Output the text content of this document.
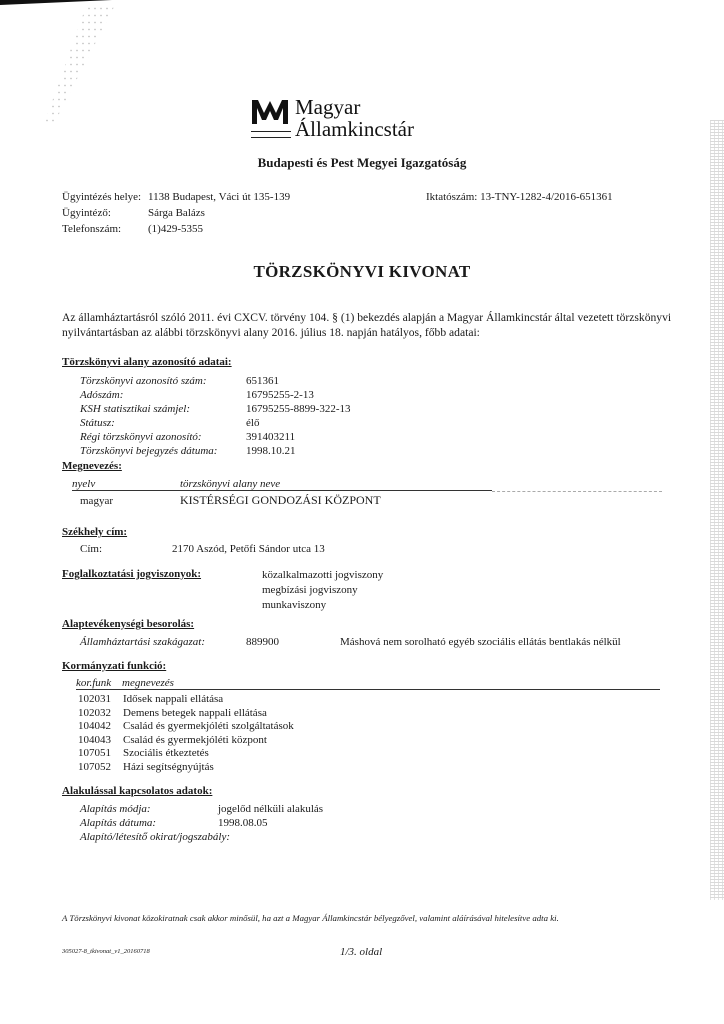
Magyar
Államkincstár
Budapesti és Pest Megyei Igazgatóság
Ügyintézés helye: 1138 Budapest, Váci út 135-139
Ügyintéző:	Sárga Balázs
Telefonszám: (1)429-5355
Iktatószám: 13-TNY-1282-4/2016-651361
TÖRZSKÖNYVI KIVONAT
Az államháztartásról szóló 2011. évi CXCV. törvény 104. § (1) bekezdés alapján a Magyar Államkincstár által vezetett törzskönyvi nyilvántartásban az alábbi törzskönyvi alany 2016. július 18. napján hatályos, főbb adatai:
Törzskönyvi alany azonosító adatai:
Törzskönyvi azonosító szám:	651361
Adószám:	16795255-2-13
KSH statisztikai számjel:	16795255-8899-322-13
Státusz:	élő
Régi törzskönyvi azonosító:	391403211
Törzskönyvi bejegyzés dátuma:	1998.10.21
Megnevezés:
nyelv	törzskönyvi alany neve
magyar	KISTÉRSÉGI GONDOZÁSI KÖZPONT
Székhely cím:
Cím:	2170 Aszód, Petőfi Sándor utca 13
Foglalkoztatási jogviszonyok:	közalkalmazotti jogviszony
megbízási jogviszony
munkaviszony
Alaptevékenységi besorolás:
Államháztartási szakágazat:	889900	Máshová nem sorolható egyéb szociális ellátás bentlakás nélkül
Kormányzati funkció:
kor.funk megnevezés
102031 Idősek nappali ellátása
102032 Demens betegek nappali ellátása
104042 Család és gyermekjóléti szolgáltatások
104043 Család és gyermekjóléti központ
107051 Szociális étkeztetés
107052 Házi segítségnyújtás
Alakulással kapcsolatos adatok:
Alapítás módja:	jogelőd nélküli alakulás
Alapítás dátuma:	1998.08.05
Alapító/létesítő okirat/jogszabály:
A Törzskönyvi kivonat közokiratnak csak akkor minősül, ha azt a Magyar Államkincstár bélyegzővel, valamint aláírásával hitelesítve adta ki.
305027-8_tkivonat_v1_20160718	1/3. oldal
